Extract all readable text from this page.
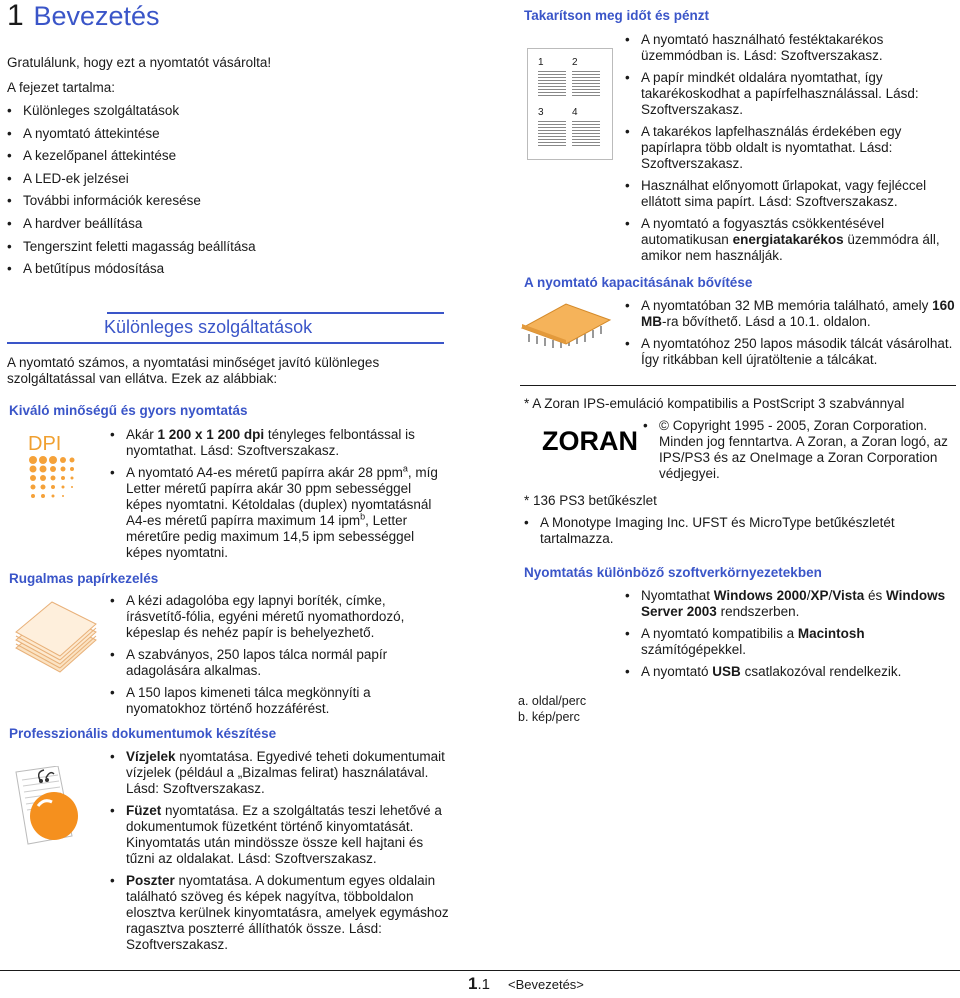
1 Bevezetés
Gratulálunk, hogy ezt a nyomtatót vásárolta!
A fejezet tartalma:
• Különleges szolgáltatások
• A nyomtató áttekintése
• A kezelőpanel áttekintése
• A LED-ek jelzései
• További információk keresése
• A hardver beállítása
• Tengerszint feletti magasság beállítása
• A betűtípus módosítása
Különleges szolgáltatások
A nyomtató számos, a nyomtatási minőséget javító különleges szolgáltatással van ellátva. Ezek az alábbiak:
Kiváló minőségű és gyors nyomtatás
DPI
•	Akár 1 200 x 1 200 dpi tényleges felbontással is nyomtathat. Lásd: Szoftverszakasz.
• A nyomtató A4-es méretű papírra akár 28 ppm$^a$, míg Letter méretű papírra akár 30 ppm sebességgel képes nyomtatni. Kétoldalas (duplex) nyomtatásnál A4-es méretű papírra maximum 14 ipm$^b$, Letter méretűre pedig maximum 14,5 ipm sebességgel képes nyomtatni.
Rugalmas papírkezelés
• A kézi adagolóba egy lapnyi boríték, címke, írásvetítő-fólia, egyéni méretű nyomathordozó, képeslap és nehéz papír is behelyezhető.
• A szabványos, 250 lapos tálca normál papír adagolására alkalmas.
• A 150 lapos kimeneti tálca megkönnyíti a nyomatokhoz történő hozzáférést.
Professzionális dokumentumok készítése
• Vízjelek nyomtatása. Egyedivé teheti dokumentumait vízjelek (például a „Bizalmas felirat) használatával. Lásd: Szoftverszakasz.
• Füzet nyomtatása. Ez a szolgáltatás teszi lehetővé a dokumentumok füzetként történő kinyomtatását. Kinyomtatás után mindössze össze kell hajtani és tűzni az oldalakat. Lásd: Szoftverszakasz.
• Poszter nyomtatása. A dokumentum egyes oldalain található szöveg és képek nagyítva, többoldalon elosztva kerülnek kinyomtatásra, amelyek egymáshoz ragasztva poszterré állíthatók össze. Lásd: Szoftverszakasz.
Takarítson meg időt és pénzt
1	2
3	4
• A nyomtató használható festéktakarékos üzemmódban is. Lásd: Szoftverszakasz.
• A papír mindkét oldalára nyomtathat, így takarékoskodhat a papírfelhasználással. Lásd: Szoftverszakasz.
• A takarékos lapfelhasználás érdekében egy papírlapra több oldalt is nyomtathat. Lásd: Szoftverszakasz.
• Használhat előnyomott űrlapokat, vagy fejléccel ellátott sima papírt. Lásd: Szoftverszakasz.
• A nyomtató a fogyasztás csökkentésével automatikusan energiatakarékos üzemmódra áll, amikor nem használják.
A nyomtató kapacitásának bővítése
• A nyomtatóban 32 MB memória található, amely 160 MB-ra bővíthető. Lásd a 10.1. oldalon.
• A nyomtatóhoz 250 lapos második tálcát vásárolhat. Így ritkábban kell újratöltenie a tálcákat.
* A Zoran IPS-emuláció kompatibilis a PostScript 3 szabvánnyal
ZORAN
• © Copyright 1995 - 2005, Zoran Corporation. Minden jog fenntartva. A Zoran, a Zoran logó, az IPS/PS3 és az OneImage a Zoran Corporation védjegyei.
* 136 PS3 betűkészlet
• A Monotype Imaging Inc. UFST és MicroType betűkészletét tartalmazza.
Nyomtatás különböző szoftverkörnyezetekben
• Nyomtathat Windows 2000/XP/Vista és Windows Server 2003 rendszerben.
• A nyomtató kompatibilis a Macintosh számítógépekkel.
• A nyomtató USB csatlakozóval rendelkezik.
a. oldal/perc
b. kép/perc
1.1 <Bevezetés>
